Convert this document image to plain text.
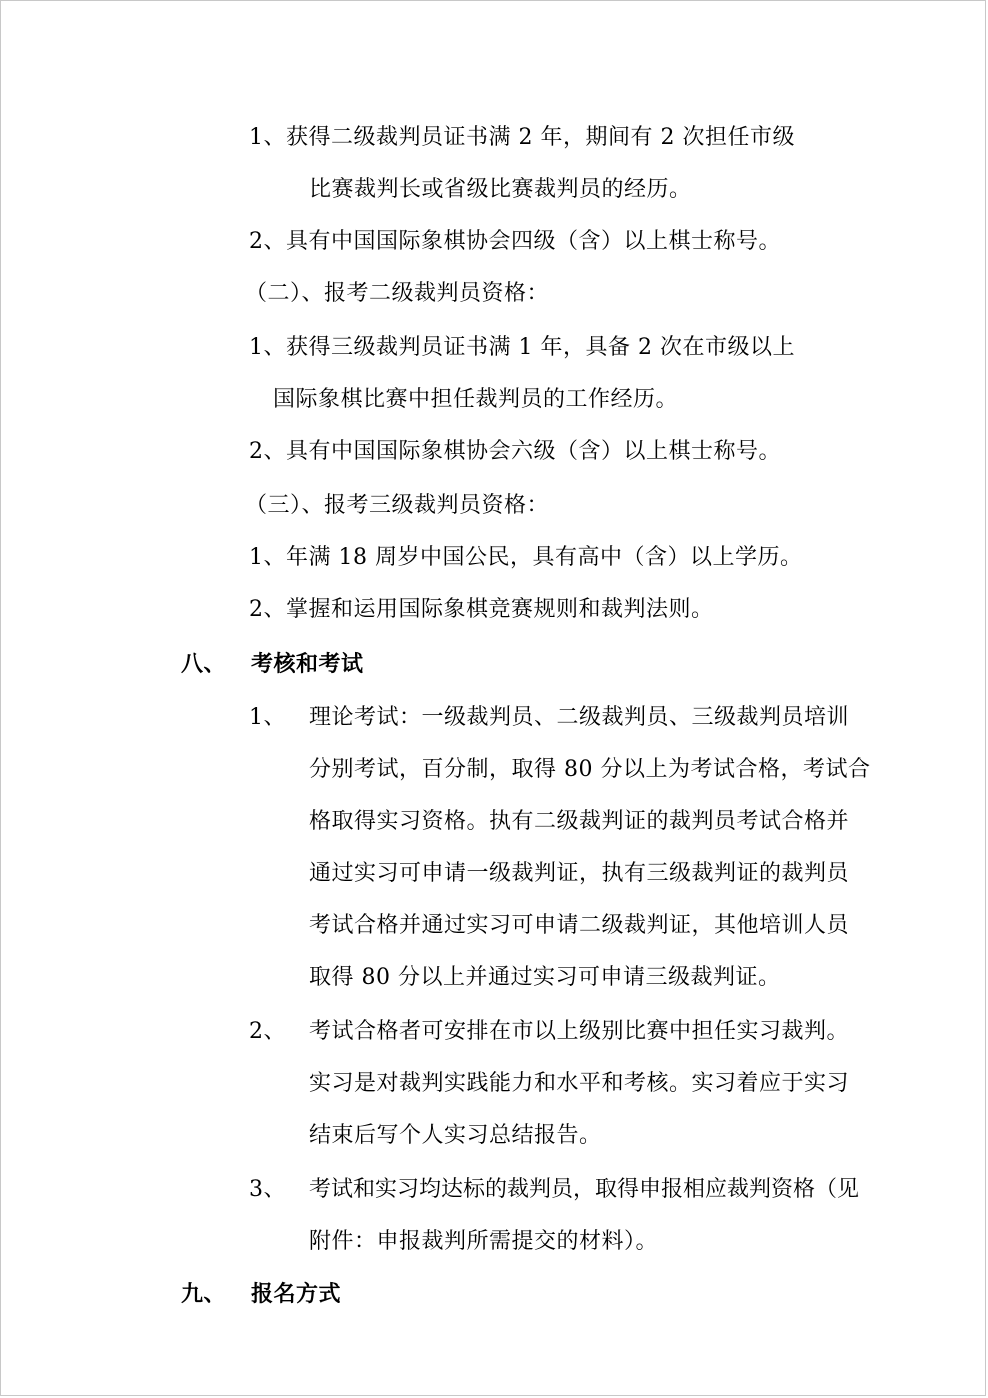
1、获得二级裁判员证书满 2 年，期间有 2 次担任市级
比赛裁判长或省级比赛裁判员的经历。
2、具有中国国际象棋协会四级（含）以上棋士称号。
（二）、报考二级裁判员资格：
1、获得三级裁判员证书满 1 年，具备 2 次在市级以上
国际象棋比赛中担任裁判员的工作经历。
2、具有中国国际象棋协会六级（含）以上棋士称号。
（三）、报考三级裁判员资格：
1、年满 18 周岁中国公民，具有高中（含）以上学历。
2、掌握和运用国际象棋竞赛规则和裁判法则。
八、 考核和考试
1、 理论考试：一级裁判员、二级裁判员、三级裁判员培训
分别考试，百分制，取得 80 分以上为考试合格，考试合
格取得实习资格。执有二级裁判证的裁判员考试合格并
通过实习可申请一级裁判证，执有三级裁判证的裁判员
考试合格并通过实习可申请二级裁判证，其他培训人员
取得 80 分以上并通过实习可申请三级裁判证。
2、 考试合格者可安排在市以上级别比赛中担任实习裁判。
实习是对裁判实践能力和水平和考核。实习着应于实习
结束后写个人实习总结报告。
3、 考试和实习均达标的裁判员，取得申报相应裁判资格（见
附件：申报裁判所需提交的材料）。
九、 报名方式
